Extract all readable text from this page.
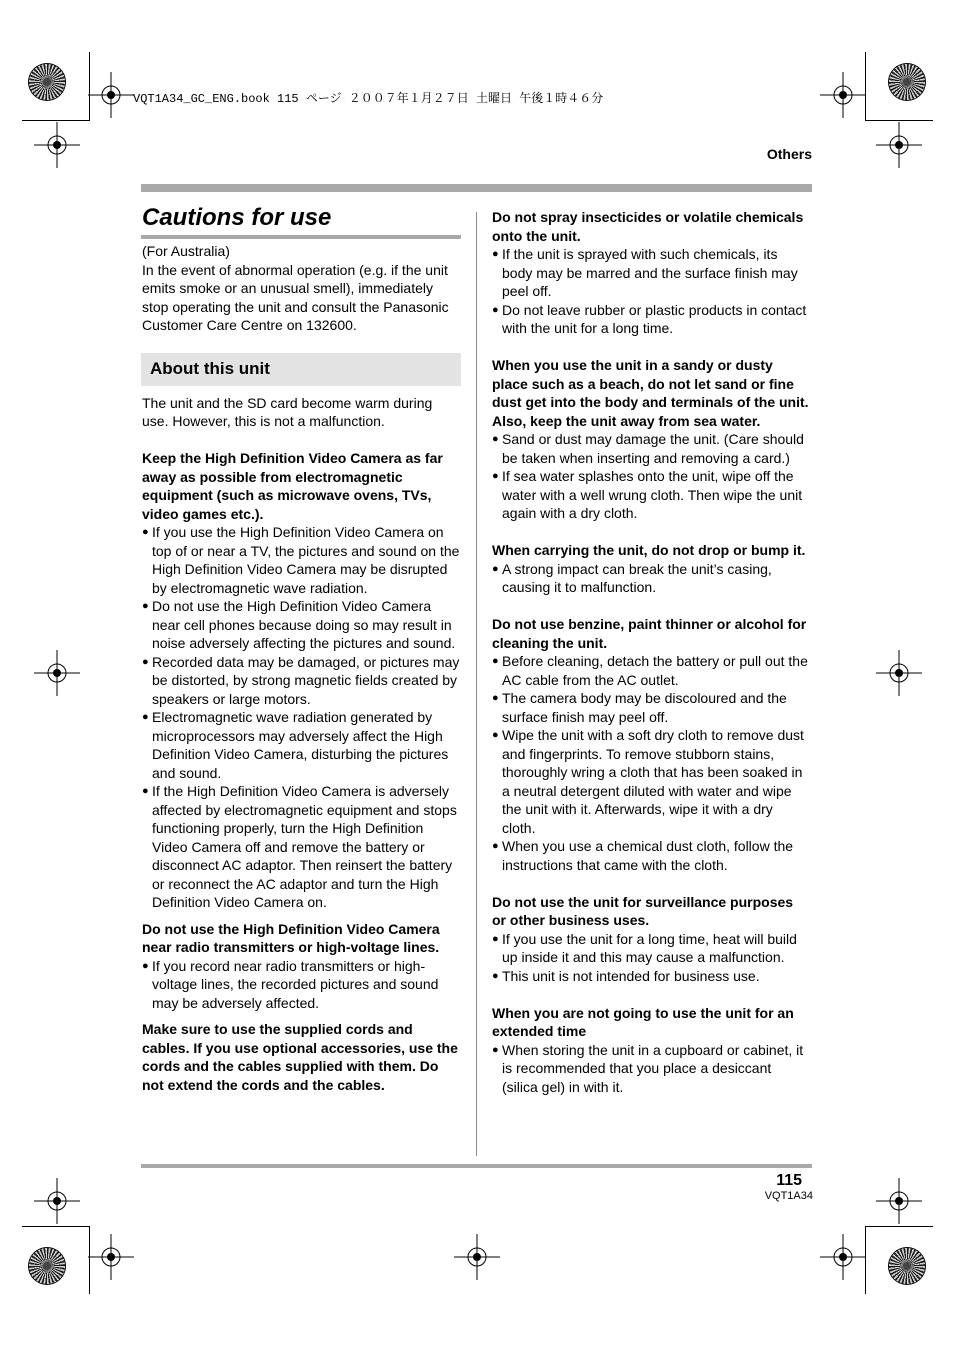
VQT1A34_GC_ENG.book 115 ページ ２００７年１月２７日 土曜日 午後１時４６分
Others
Cautions for use

(For Australia)

In the event of abnormal operation (e.g. if the unit emits smoke or an unusual smell), immediately stop operating the unit and consult the Panasonic Customer Care Centre on 132600.

About this unit

The unit and the SD card become warm during use. However, this is not a malfunction.

Keep the High Definition Video Camera as far away as possible from electromagnetic equipment (such as microwave ovens, TVs, video games etc.).

● If you use the High Definition Video Camera on top of or near a TV, the pictures and sound on the High Definition Video Camera may be disrupted by electromagnetic wave radiation.
● Do not use the High Definition Video Camera near cell phones because doing so may result in noise adversely affecting the pictures and sound.
● Recorded data may be damaged, or pictures may be distorted, by strong magnetic fields created by speakers or large motors.
● Electromagnetic wave radiation generated by microprocessors may adversely affect the High Definition Video Camera, disturbing the pictures and sound.
● If the High Definition Video Camera is adversely affected by electromagnetic equipment and stops functioning properly, turn the High Definition Video Camera off and remove the battery or disconnect AC adaptor. Then reinsert the battery or reconnect the AC adaptor and turn the High Definition Video Camera on.

Do not use the High Definition Video Camera near radio transmitters or high-voltage lines.

● If you record near radio transmitters or high-voltage lines, the recorded pictures and sound may be adversely affected.

Make sure to use the supplied cords and cables. If you use optional accessories, use the cords and the cables supplied with them. Do not extend the cords and the cables.

Do not spray insecticides or volatile chemicals onto the unit.

● If the unit is sprayed with such chemicals, its body may be marred and the surface finish may peel off.
● Do not leave rubber or plastic products in contact with the unit for a long time.

When you use the unit in a sandy or dusty place such as a beach, do not let sand or fine dust get into the body and terminals of the unit.

Also, keep the unit away from sea water.

● Sand or dust may damage the unit. (Care should be taken when inserting and removing a card.)
● If sea water splashes onto the unit, wipe off the water with a well wrung cloth. Then wipe the unit again with a dry cloth.

When carrying the unit, do not drop or bump it.

● A strong impact can break the unit’s casing, causing it to malfunction.

Do not use benzine, paint thinner or alcohol for cleaning the unit.

● Before cleaning, detach the battery or pull out the AC cable from the AC outlet.
● The camera body may be discoloured and the surface finish may peel off.
● Wipe the unit with a soft dry cloth to remove dust and fingerprints. To remove stubborn stains, thoroughly wring a cloth that has been soaked in a neutral detergent diluted with water and wipe the unit with it. Afterwards, wipe it with a dry cloth.
● When you use a chemical dust cloth, follow the instructions that came with the cloth.

Do not use the unit for surveillance purposes or other business uses.

● If you use the unit for a long time, heat will build up inside it and this may cause a malfunction.
● This unit is not intended for business use.

When you are not going to use the unit for an extended time

● When storing the unit in a cupboard or cabinet, it is recommended that you place a desiccant (silica gel) in with it.
115
VQT1A34
